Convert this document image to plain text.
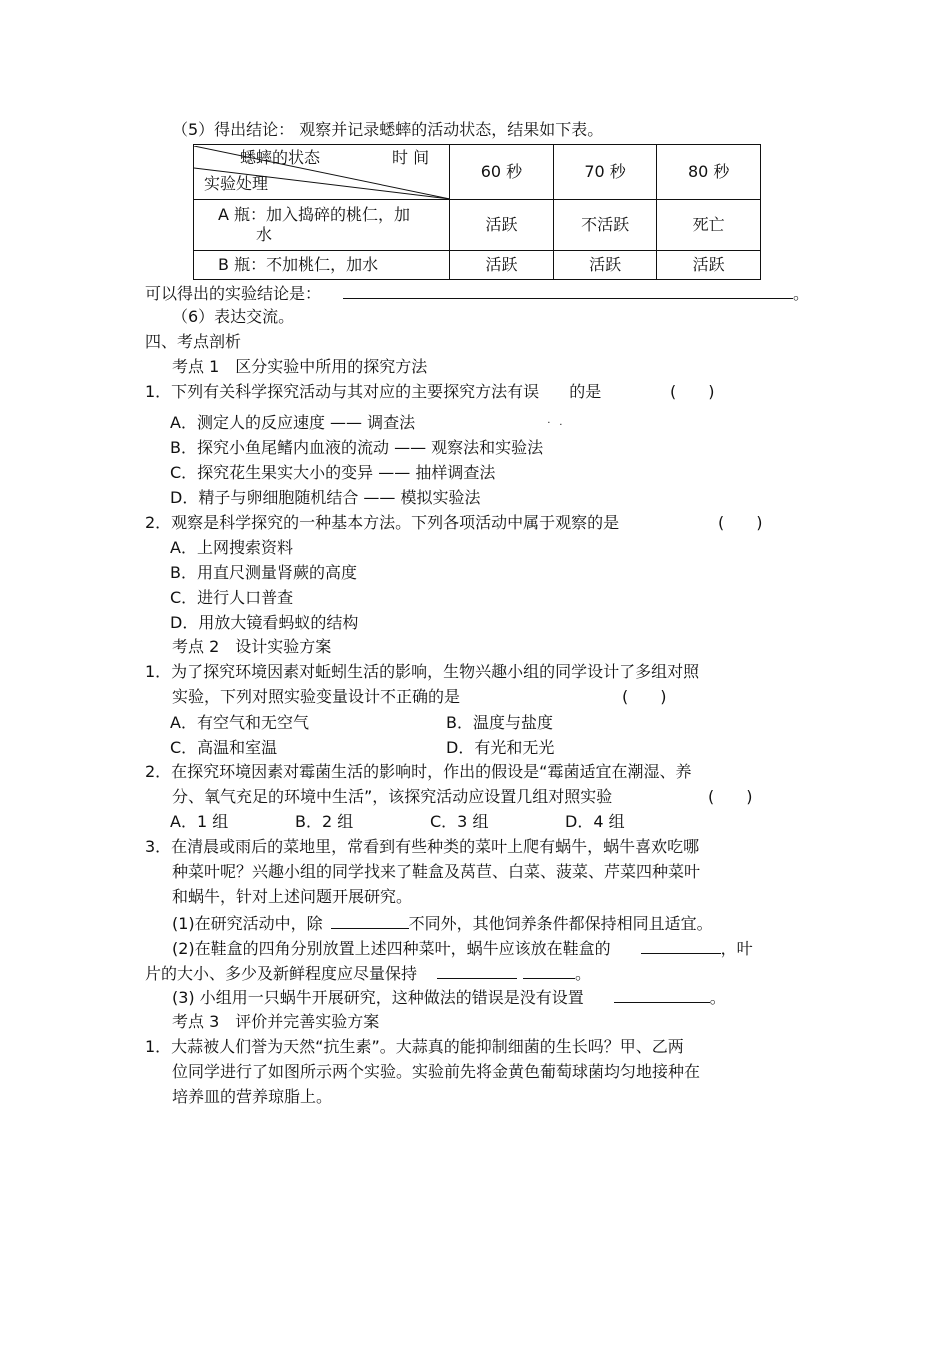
（5）得出结论： 观察并记录蟋蟀的活动状态，结果如下表。
蟋蟀的状态 时 间
实验处理	60 秒	70 秒	80 秒

A 瓶：加入捣碎的桃仁，加
水	活跃	不活跃	死亡

B 瓶：不加桃仁，加水	活跃	活跃	活跃
可以得出的实验结论是：	。
（6）表达交流。
四、考点剖析
考点 1　区分实验中所用的探究方法
1．下列有关科学探究活动与其对应的主要探究方法有误
. .
的是	(　　)
A．测定人的反应速度 —— 调查法
B．探究小鱼尾鳍内血液的流动 —— 观察法和实验法
C．探究花生果实大小的变异 —— 抽样调查法
D．精子与卵细胞随机结合 —— 模拟实验法
2．观察是科学探究的一种基本方法。下列各项活动中属于观察的是	(　　)
A．上网搜索资料
B．用直尺测量肾蕨的高度
C．进行人口普查
D．用放大镜看蚂蚁的结构
考点 2　设计实验方案
1．为了探究环境因素对蚯蚓生活的影响，生物兴趣小组的同学设计了多组对照
实验，下列对照实验变量设计不正确的是	(　　)
A．有空气和无空气	B．温度与盐度
C．高温和室温	D．有光和无光
2．在探究环境因素对霉菌生活的影响时，作出的假设是“霉菌适宜在潮湿、养
分、氧气充足的环境中生活”，该探究活动应设置几组对照实验	(　　)
A．1 组	B．2 组	C．3 组	D．4 组
3．在清晨或雨后的菜地里，常看到有些种类的菜叶上爬有蜗牛，蜗牛喜欢吃哪
种菜叶呢？兴趣小组的同学找来了鞋盒及莴苣、白菜、菠菜、芹菜四种菜叶
和蜗牛，针对上述问题开展研究。
(1)在研究活动中，除	不同外，其他饲养条件都保持相同且适宜。
(2)在鞋盒的四角分别放置上述四种菜叶，蜗牛应该放在鞋盒的	，叶
片的大小、多少及新鲜程度应尽量保持	。
(3) 小组用一只蜗牛开展研究，这种做法的错误是没有设置	。
考点 3　评价并完善实验方案
1．大蒜被人们誉为天然“抗生素”。大蒜真的能抑制细菌的生长吗？甲、乙两
位同学进行了如图所示两个实验。实验前先将金黄色葡萄球菌均匀地接种在
培养皿的营养琼脂上。
